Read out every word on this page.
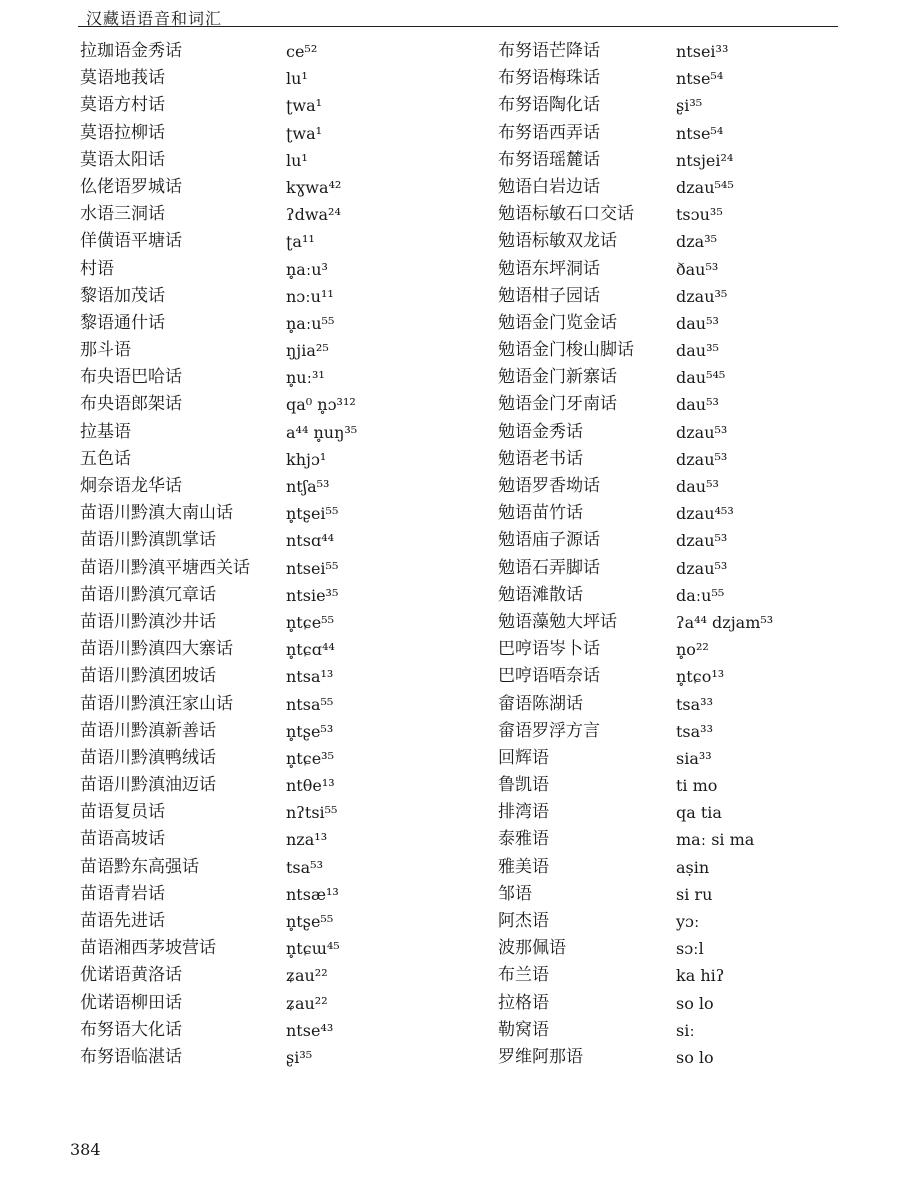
汉藏语语音和词汇
拉珈语金秀话	ce⁵²
莫语地莪话	lu¹
莫语方村话	ʈwa¹
莫语拉柳话	ʈwa¹
莫语太阳话	lu¹
仫佬语罗城话	kɣwa⁴²
水语三洞话	ʔdwa²⁴
佯僙语平塘话	ʈa¹¹
村语	n̥aːu³
黎语加茂话	nɔːu¹¹
黎语通什话	n̥aːu⁵⁵
那斗语	ŋjia²⁵
布央语巴哈话	n̥uː³¹
布央语郎架话	qa⁰ n̥ɔ³¹²
拉基语	a⁴⁴ n̥uŋ³⁵
五色话	khjɔ¹
炯奈语龙华话	ntʃa⁵³
苗语川黔滇大南山话	n̥tʂei⁵⁵
苗语川黔滇凯掌话	ntsɑ⁴⁴
苗语川黔滇平塘西关话 ntsei⁵⁵
苗语川黔滇冗章话	ntsie³⁵
苗语川黔滇沙井话	n̥tɕe⁵⁵
苗语川黔滇四大寨话	n̥tɕɑ⁴⁴
苗语川黔滇团坡话	ntsa¹³
苗语川黔滇汪家山话	ntsa⁵⁵
苗语川黔滇新善话	n̥tʂe⁵³
苗语川黔滇鸭绒话	n̥tɕe³⁵
苗语川黔滇油迈话	ntθe¹³
苗语复员话	nʔtsi⁵⁵
苗语高坡话	nza¹³
苗语黔东高强话	tsa⁵³
苗语青岩话	ntsæ¹³
苗语先进话	n̥tʂe⁵⁵
苗语湘西茅坡营话	n̥tɕɯ⁴⁵
优诺语黄洛话	ʑau²²
优诺语柳田话	ʑau²²
布努语大化话	ntse⁴³
布努语临湛话	ʂi³⁵
布努语芒降话	ntsei³³
布努语梅珠话	ntse⁵⁴
布努语陶化话	ʂi³⁵
布努语西弄话	ntse⁵⁴
布努语瑶麓话	ntsjei²⁴
勉语白岩边话	dzau⁵⁴⁵
勉语标敏石口交话	tsɔu³⁵
勉语标敏双龙话	dza³⁵
勉语东坪洞话	ðau⁵³
勉语柑子园话	dzau³⁵
勉语金门览金话	dau⁵³
勉语金门梭山脚话	dau³⁵
勉语金门新寨话	dau⁵⁴⁵
勉语金门牙南话	dau⁵³
勉语金秀话	dzau⁵³
勉语老书话	dzau⁵³
勉语罗香坳话	dau⁵³
勉语苗竹话	dzau⁴⁵³
勉语庙子源话	dzau⁵³
勉语石弄脚话	dzau⁵³
勉语滩散话	daːu⁵⁵
勉语藻勉大坪话	ʔa⁴⁴ dzjam⁵³
巴哼语岑卜话	n̥o²²
巴哼语唔奈话	n̥tɕo¹³
畲语陈湖话	tsa³³
畲语罗浮方言	tsa³³
回辉语	sia³³
鲁凯语	ti mo
排湾语	qa tia
泰雅语	maː si ma
雅美语	aṣin
邹语	si ru
阿杰语	yɔː
波那佩语	sɔːl
布兰语	ka hiʔ
拉格语	so lo
勒窝语	siː
罗维阿那语	so lo
384
